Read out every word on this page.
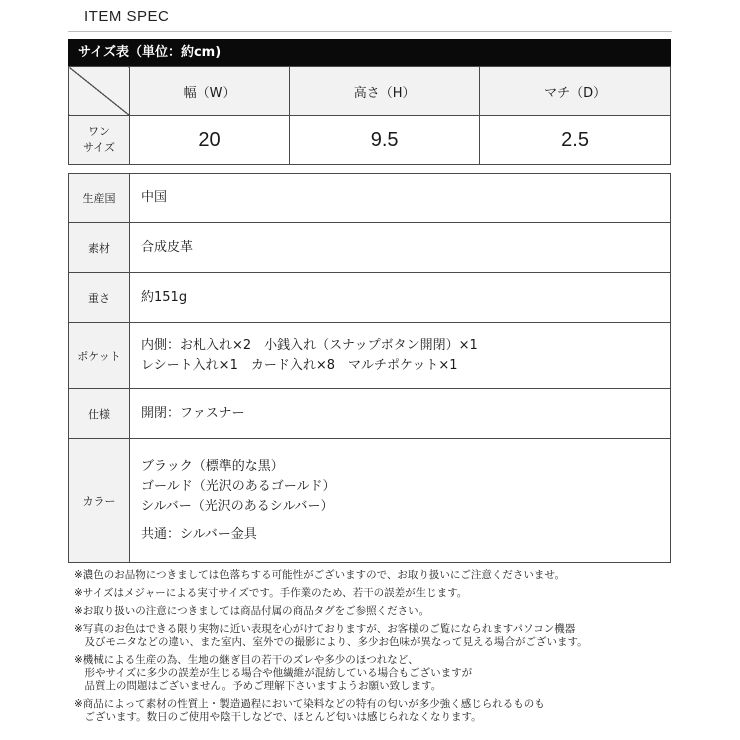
ITEM SPEC
サイズ表（単位：約cm)
	幅（W）	高さ（H）	マチ（D）

ワン
サイズ	20	9.5	2.5
生産国	中国
素材	合成皮革
重さ	約151g
ポケット	内側：お札入れ×2　小銭入れ（スナップボタン開閉）×1
レシート入れ×1　カード入れ×8　マルチポケット×1

仕様	開閉：ファスナー
カラー	ブラック（標準的な黒）
ゴールド（光沢のあるゴールド）
シルバー（光沢のあるシルバー）
共通：シルバー金具
※濃色のお品物につきましては色落ちする可能性がございますので、お取り扱いにご注意くださいませ。
※サイズはメジャーによる実寸サイズです。手作業のため、若干の誤差が生じます。
※お取り扱いの注意につきましては商品付属の商品タグをご参照ください。
※写真のお色はできる限り実物に近い表現を心がけておりますが、お客様のご覧になられますパソコン機器
　及びモニタなどの違い、また室内、室外での撮影により、多少お色味が異なって見える場合がございます。
※機械による生産の為、生地の継ぎ目の若干のズレや多少のほつれなど、
　形やサイズに多少の誤差が生じる場合や他繊維が混紡している場合もございますが
　品質上の問題はございません。予めご理解下さいますようお願い致します。
※商品によって素材の性質上・製造過程において染料などの特有の匂いが多少強く感じられるものも
　ございます。数日のご使用や陰干しなどで、ほとんど匂いは感じられなくなります。
